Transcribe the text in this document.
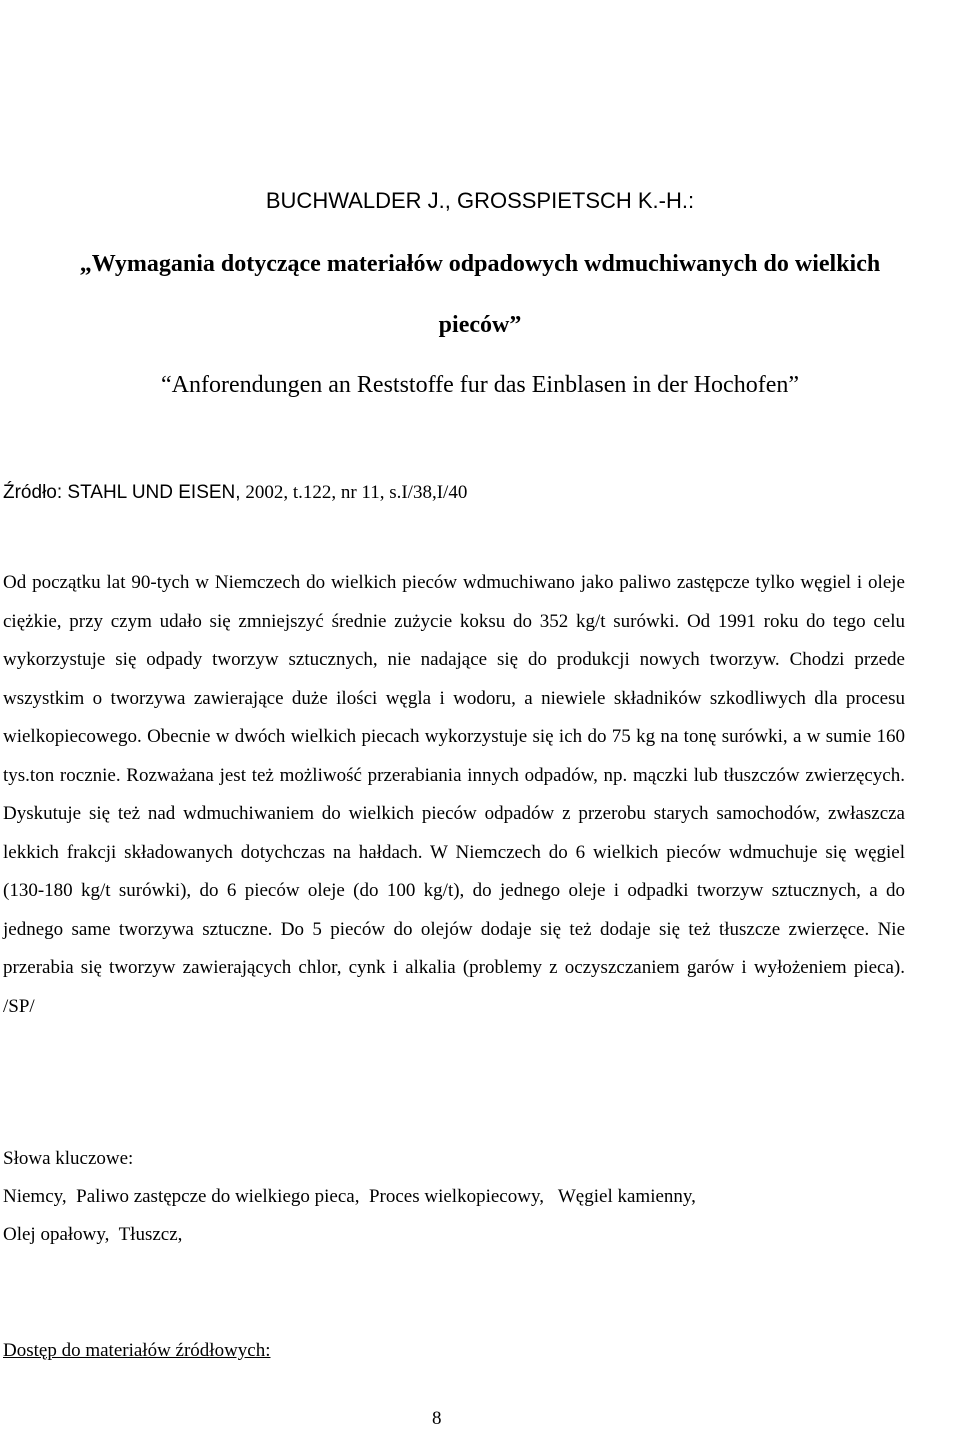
BUCHWALDER J., GROSSPIETSCH K.-H.:
„Wymagania dotyczące materiałów odpadowych wdmuchiwanych do wielkich
pieców”
“Anforendungen an Reststoffe fur das Einblasen in der Hochofen”
Źródło: STAHL UND EISEN, 2002, t.122, nr 11, s.I/38,I/40

Od początku lat 90-tych w Niemczech do wielkich pieców wdmuchiwano jako paliwo zastępcze tylko węgiel i oleje ciężkie, przy czym udało się zmniejszyć średnie zużycie koksu do 352 kg/t surówki. Od 1991 roku do tego celu wykorzystuje się odpady tworzyw sztucznych, nie nadające się do produkcji nowych tworzyw. Chodzi przede wszystkim o tworzywa zawierające duże ilości węgla i wodoru, a niewiele składników szkodliwych dla procesu wielkopiecowego. Obecnie w dwóch wielkich piecach wykorzystuje się ich do 75 kg na tonę surówki, a w sumie 160 tys.ton rocznie. Rozważana jest też możliwość przerabiania innych odpadów, np. mączki lub tłuszczów zwierzęcych. Dyskutuje się też nad wdmuchiwaniem do wielkich pieców odpadów z przerobu starych samochodów, zwłaszcza lekkich frakcji składowanych dotychczas na hałdach. W Niemczech do 6 wielkich pieców wdmuchuje się węgiel (130-180 kg/t surówki), do 6 pieców oleje (do 100 kg/t), do jednego oleje i odpadki tworzyw sztucznych, a do jednego same tworzywa sztuczne. Do 5 pieców do olejów dodaje się też dodaje się też tłuszcze zwierzęce. Nie przerabia się tworzyw zawierających chlor, cynk i alkalia (problemy z oczyszczaniem garów i wyłożeniem pieca). /SP/

Słowa kluczowe:
Niemcy,  Paliwo zastępcze do wielkiego pieca,  Proces wielkopiecowy,   Węgiel kamienny,
Olej opałowy,  Tłuszcz,
Dostęp do materiałów źródłowych:
8
